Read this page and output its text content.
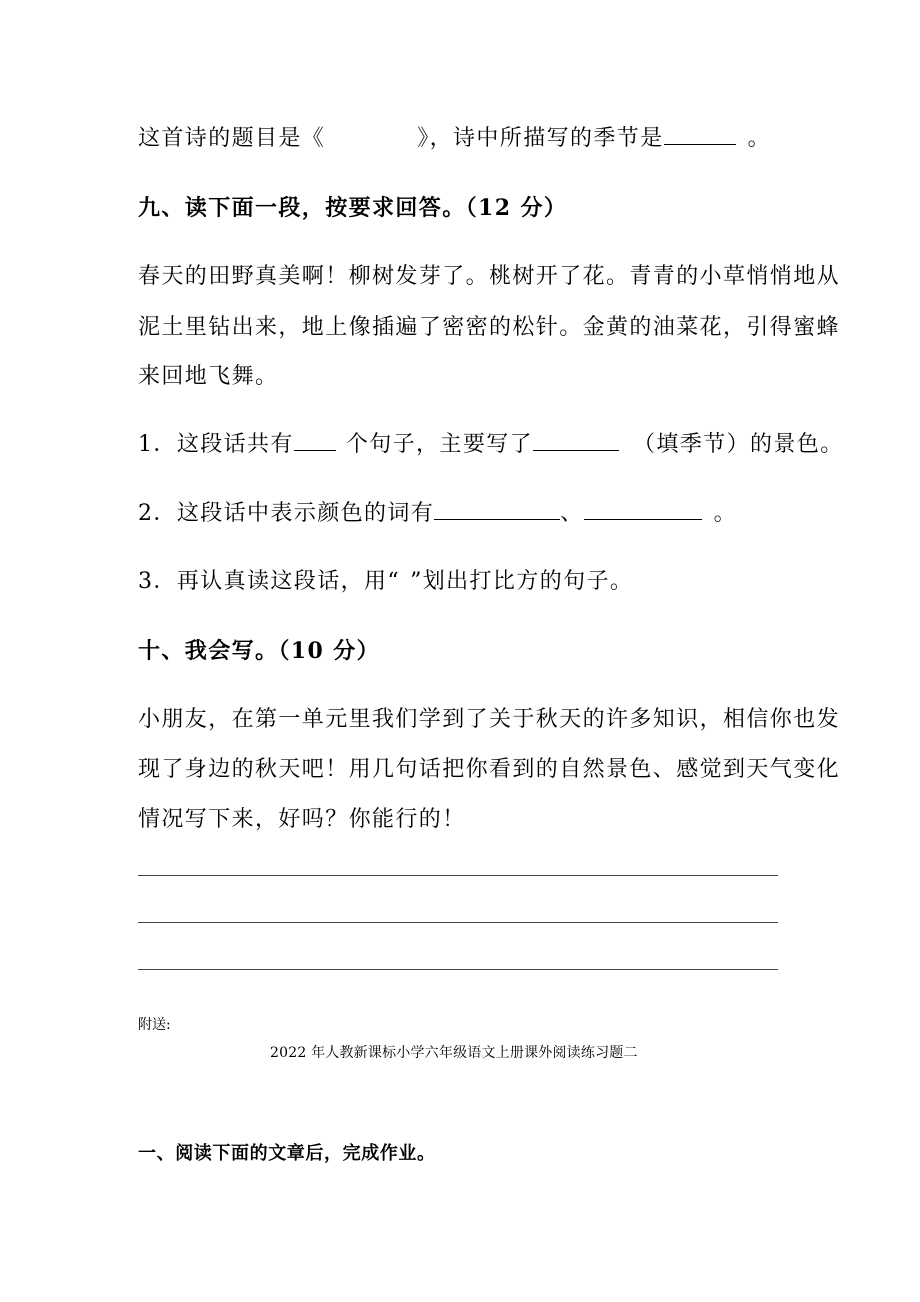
这首诗的题目是《	》，诗中所描写的季节是	。
九、读下面一段，按要求回答。（12 分）
春天的田野真美啊！柳树发芽了。桃树开了花。青青的小草悄悄地从
泥土里钻出来，地上像插遍了密密的松针。金黄的油菜花，引得蜜蜂
来回地飞舞。
1．这段话共有 个句子，主要写了	（填季节）的景色。
2．这段话中表示颜色的词有	、	。
3．再认真读这段话，用“ ”划出打比方的句子。
十、我会写。（10 分）
小朋友，在第一单元里我们学到了关于秋天的许多知识，相信你也发
现了身边的秋天吧！用几句话把你看到的自然景色、感觉到天气变化
情况写下来，好吗？你能行的！
附送:
2022 年人教新课标小学六年级语文上册课外阅读练习题二
一、阅读下面的文章后，完成作业。
